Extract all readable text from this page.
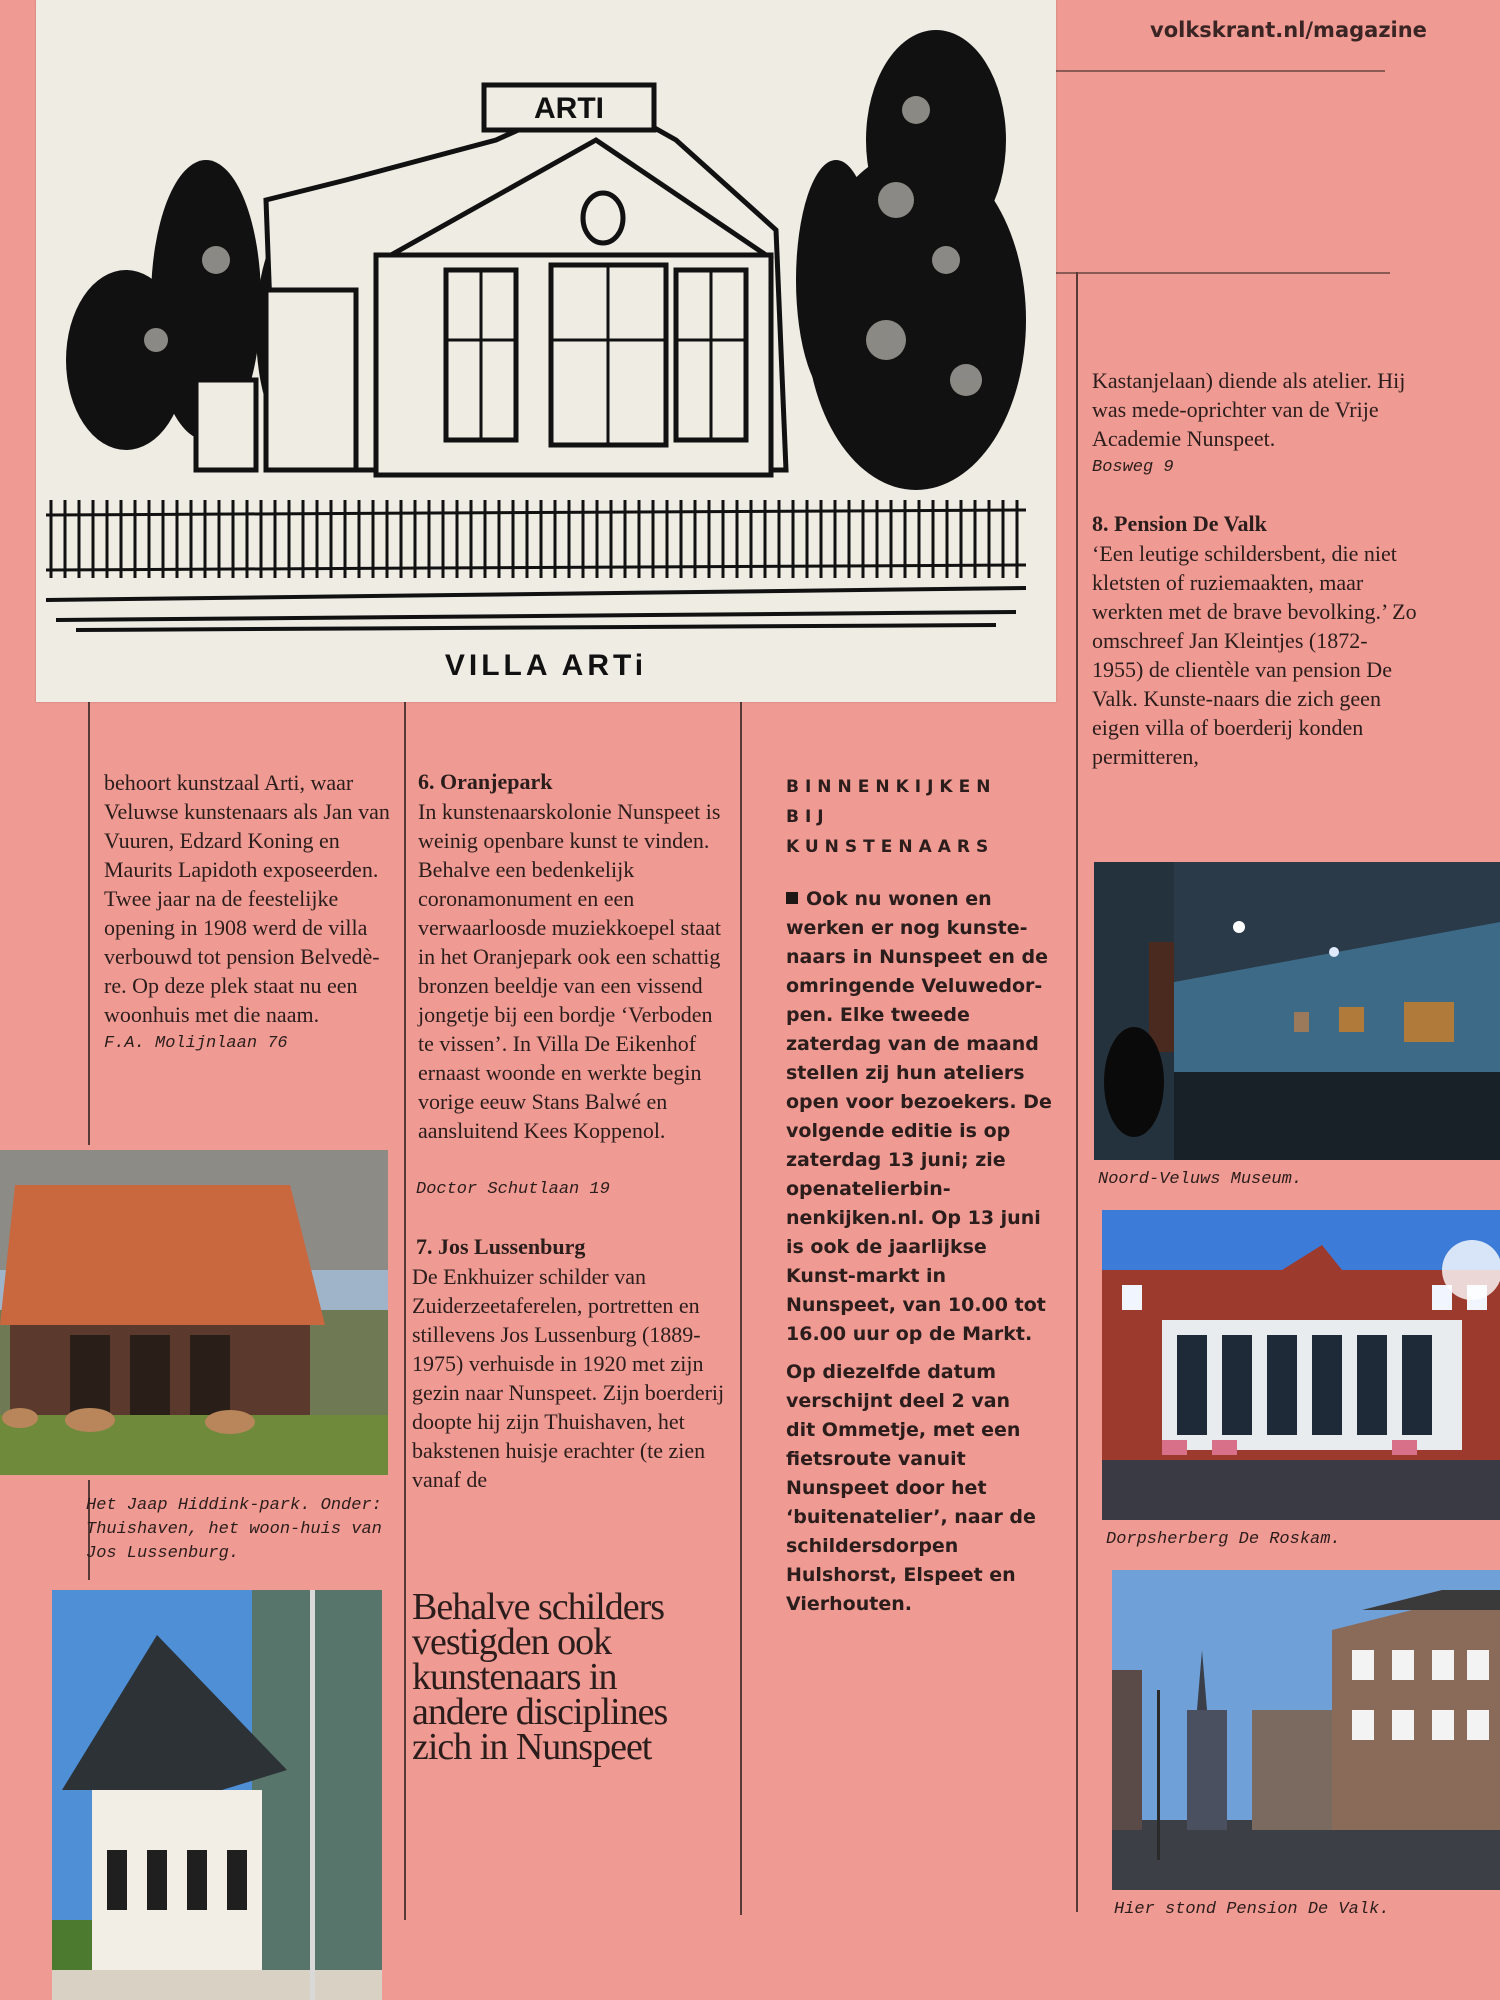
volkskrant.nl/magazine
ARTI
VILLA ARTi
behoort kunstzaal Arti, waar Veluwse kunstenaars als Jan van Vuuren, Edzard Koning en Maurits Lapidoth exposeerden. Twee jaar na de feestelijke opening in 1908 werd de villa verbouwd tot pension Belvedè-re. Op deze plek staat nu een woonhuis met die naam.
F.A. Molijnlaan 76
Het Jaap Hiddink-park. Onder: Thuishaven, het woon-huis van Jos Lussenburg.
6. Oranjepark
In kunstenaarskolonie Nunspeet is weinig openbare kunst te vinden. Behalve een bedenkelijk coronamonument en een verwaarloosde muziekkoepel staat in het Oranjepark ook een schattig bronzen beeldje van een vissend jongetje bij een bordje ‘Verboden te vissen’. In Villa De Eikenhof ernaast woonde en werkte begin vorige eeuw Stans Balwé en aansluitend Kees Koppenol.
Doctor Schutlaan 19
7. Jos Lussenburg
De Enkhuizer schilder van Zuiderzeetaferelen, portretten en stillevens Jos Lussenburg (1889-1975) verhuisde in 1920 met zijn gezin naar Nunspeet. Zijn boerderij doopte hij zijn Thuishaven, het bakstenen huisje erachter (te zien vanaf de
Behalve schilders vestigden ook kunstenaars in andere disciplines zich in Nunspeet
BINNENKIJKEN
BIJ
KUNSTENAARS
Ook nu wonen en werken er nog kunste-naars in Nunspeet en de omringende Veluwedor-pen. Elke tweede zaterdag van de maand stellen zij hun ateliers open voor bezoekers. De volgende editie is op zaterdag 13 juni; zie openatelierbin-nenkijken.nl. Op 13 juni is ook de jaarlijkse Kunst-markt in Nunspeet, van 10.00 tot 16.00 uur op de Markt.
Op diezelfde datum verschijnt deel 2 van dit Ommetje, met een fietsroute vanuit Nunspeet door het ‘buitenatelier’, naar de schildersdorpen Hulshorst, Elspeet en Vierhouten.
Kastanjelaan) diende als atelier. Hij was mede-oprichter van de Vrije Academie Nunspeet.
Bosweg 9
8. Pension De Valk
‘Een leutige schildersbent, die niet kletsten of ruziemaakten, maar werkten met de brave bevolking.’ Zo omschreef Jan Kleintjes (1872-1955) de clientèle van pension De Valk. Kunste-naars die zich geen eigen villa of boerderij konden permitteren,
Noord-Veluws Museum.
Dorpsherberg De Roskam.
Hier stond Pension De Valk.
